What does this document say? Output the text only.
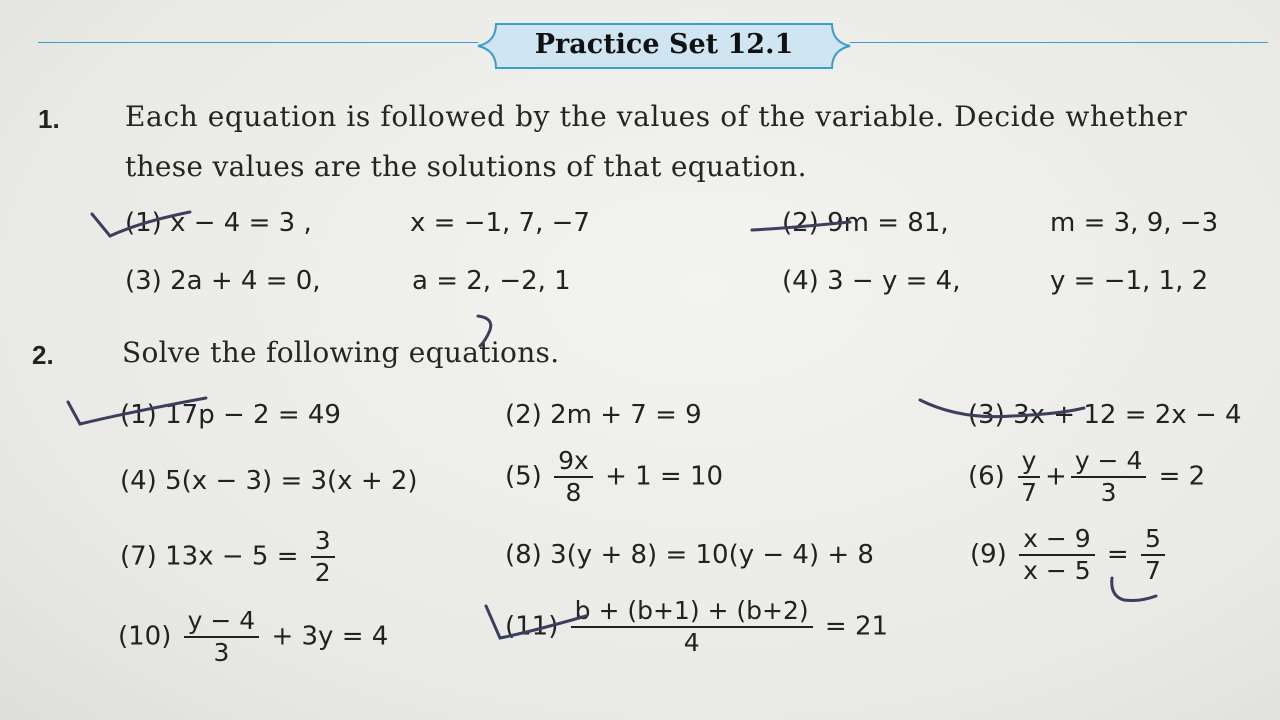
Practice Set 12.1
1. Each equation is followed by the values of the variable. Decide whether
these values are the solutions of that equation.
(1) x − 4 = 3 ,	x = −1, 7, −7	(2) 9m = 81,	m = 3, 9, −3
(3) 2a + 4 = 0,	a = 2, −2, 1	(4) 3 − y = 4,	y = −1, 1, 2
2. Solve the following equations.
(1) 17p − 2 = 49	(2) 2m + 7 = 9	(3) 3x + 12 = 2x − 4
(4) 5(x − 3) = 3(x + 2)	$(5) \frac{9x}{8} + 1 = 10$	$(6) \frac{y}{7} + \frac{y - 4}{3} = 2$
(7) $13x - 5 = \frac{3}{2}$	(8) 3(y + 8) = 10(y − 4) + 8	$(9) \frac{x - 9}{x - 5} = \frac{5}{7}$
$(10) \frac{y - 4}{3} + 3y = 4$	$(11) \frac{b + (b+1) + (b+2)}{4} = 21$
